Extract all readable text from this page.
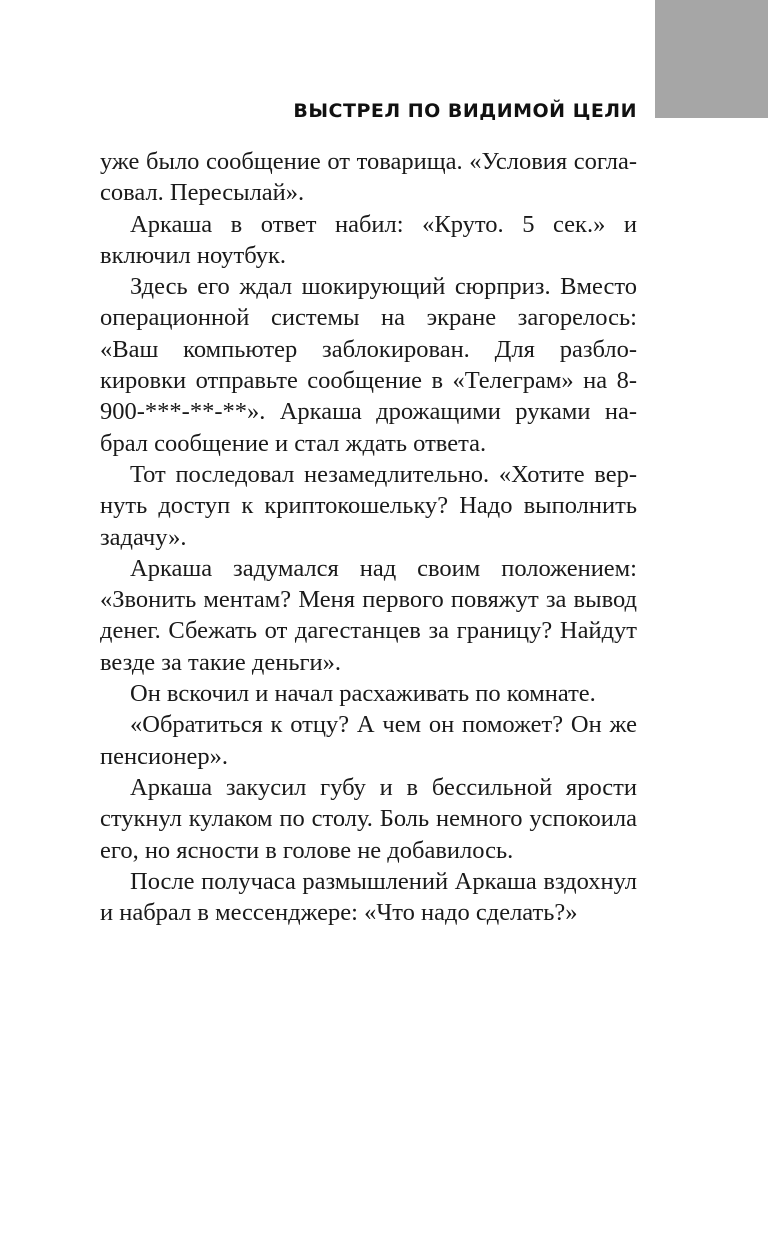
ВЫСТРЕЛ ПО ВИДИМОЙ ЦЕЛИ

уже было сообщение от товарища. «Условия согласовал. Пересылай».

Аркаша в ответ набил: «Круто. 5 сек.» и включил ноутбук.

Здесь его ждал шокирующий сюрприз. Вместо операционной системы на экране загорелось: «Ваш компьютер заблокирован. Для разблокировки отправьте сообщение в «Телеграм» на 8-900-***-**-**». Аркаша дрожащими руками набрал сообщение и стал ждать ответа.

Тот последовал незамедлительно. «Хотите вернуть доступ к криптокошельку? Надо выполнить задачу».

Аркаша задумался над своим положением: «Звонить ментам? Меня первого повяжут за вывод денег. Сбежать от дагестанцев за границу? Найдут везде за такие деньги».

Он вскочил и начал расхаживать по комнате.

«Обратиться к отцу? А чем он поможет? Он же пенсионер».

Аркаша закусил губу и в бессильной ярости стукнул кулаком по столу. Боль немного успокоила его, но ясности в голове не добавилось.

После получаса размышлений Аркаша вздохнул и набрал в мессенджере: «Что надо сделать?»
